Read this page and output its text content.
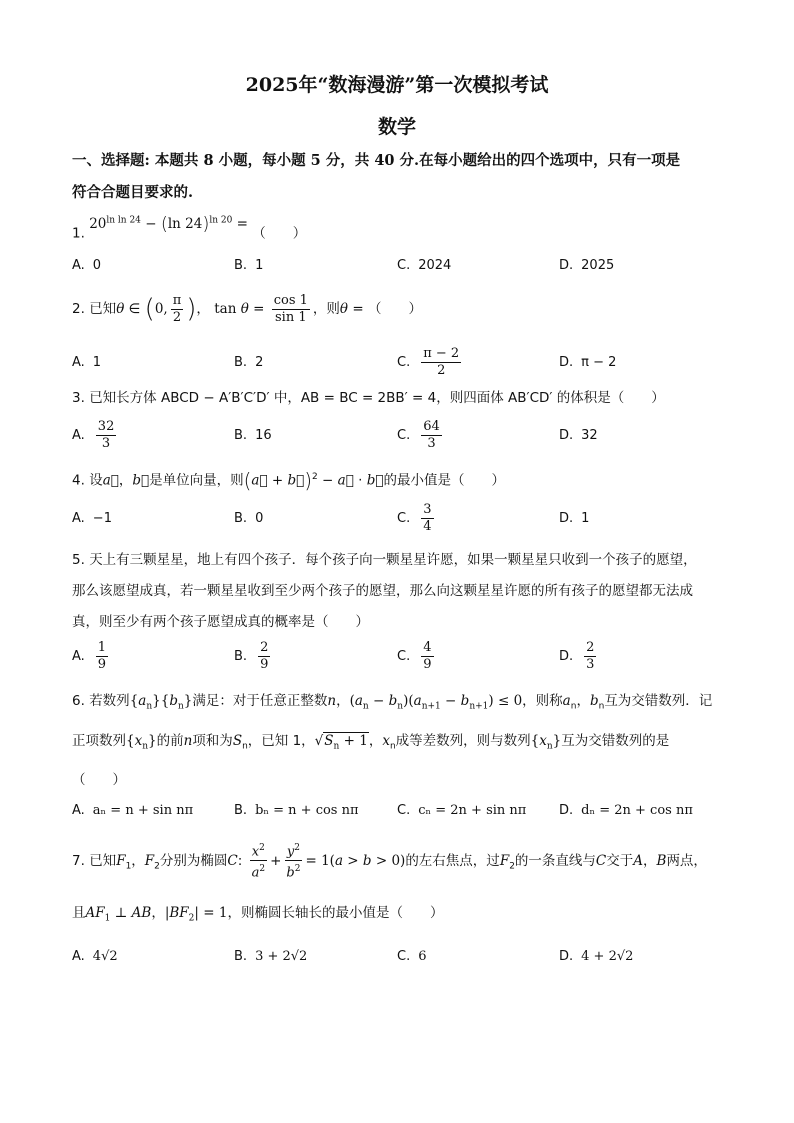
2025年“数海漫游”第一次模拟考试
数学
一、选择题: 本题共 8 小题，每小题 5 分，共 40 分.在每小题给出的四个选项中，只有一项是
符合合题目要求的.
1. $20^{ln ln 24} - (\ln$ 24)$^{ln 20}$ = （　　）
A. 0	B. 1	C. 2024	D. 2025
2. 已知θ ∈ (0, $\frac{\pi}{2}$ )， $\tan \theta = \frac{\cos 1}{\sin 1}$ ，则θ = （　　）
A. 1	B. 2	C. $\frac{\pi - 2}{2}$	D. π − 2
3. 已知长方体 ABCD − A′B′C′D′ 中，AB = BC = 2BB′ = 4，则四面体 AB′CD′ 的体积是（　　）
A. $\frac{32}{3}$	B. 16	C. $\frac{64}{3}$	D. 32
4. 设a⃗，b⃗是单位向量，则(a⃗ + b⃗)$^2$ − a⃗ · b⃗的最小值是（　　）
A. −1	B. 0	C. $\frac{3}{4}$	D. 1
5. 天上有三颗星星，地上有四个孩子．每个孩子向一颗星星许愿，如果一颗星星只收到一个孩子的愿望，
那么该愿望成真，若一颗星星收到至少两个孩子的愿望，那么向这颗星星许愿的所有孩子的愿望都无法成
真，则至少有两个孩子愿望成真的概率是（　　）
A. $\frac{1}{9}$	B. $\frac{2}{9}$	C. $\frac{4}{9}$	D. $\frac{2}{3}$
6. 若数列$\{a_n\}\{b_n\}$满足：对于任意正整数n，$(a_n - b_n)(a_{n+1} - b_{n+1}) \le 0$，则称$a_n$，$b_n$互为交错数列．记
正项数列$\{x_n\}$的前n项和为$S_n$，已知 1，$√S_n + 1$，$x_n$成等差数列，则与数列$\{x_n\}$互为交错数列的是
（　　）
A. aₙ = n + sin nπ	B. bₙ = n + cos nπ	C. cₙ = 2n + sin nπ	D. dₙ = 2n + cos nπ
7. 已知$F_1$，$F_2$分别为椭圆C: $\frac{x^2}{a^2} + \frac{y^2}{b^2} = 1(a > b > 0)$的左右焦点，过$F_2$的一条直线与C交于A，B两点，
且$AF_1$ ⊥ AB，$|BF_2| = 1$，则椭圆长轴长的最小值是（　　）
A. 4√2	B. 3 + 2√2	C. 6	D. 4 + 2√2
